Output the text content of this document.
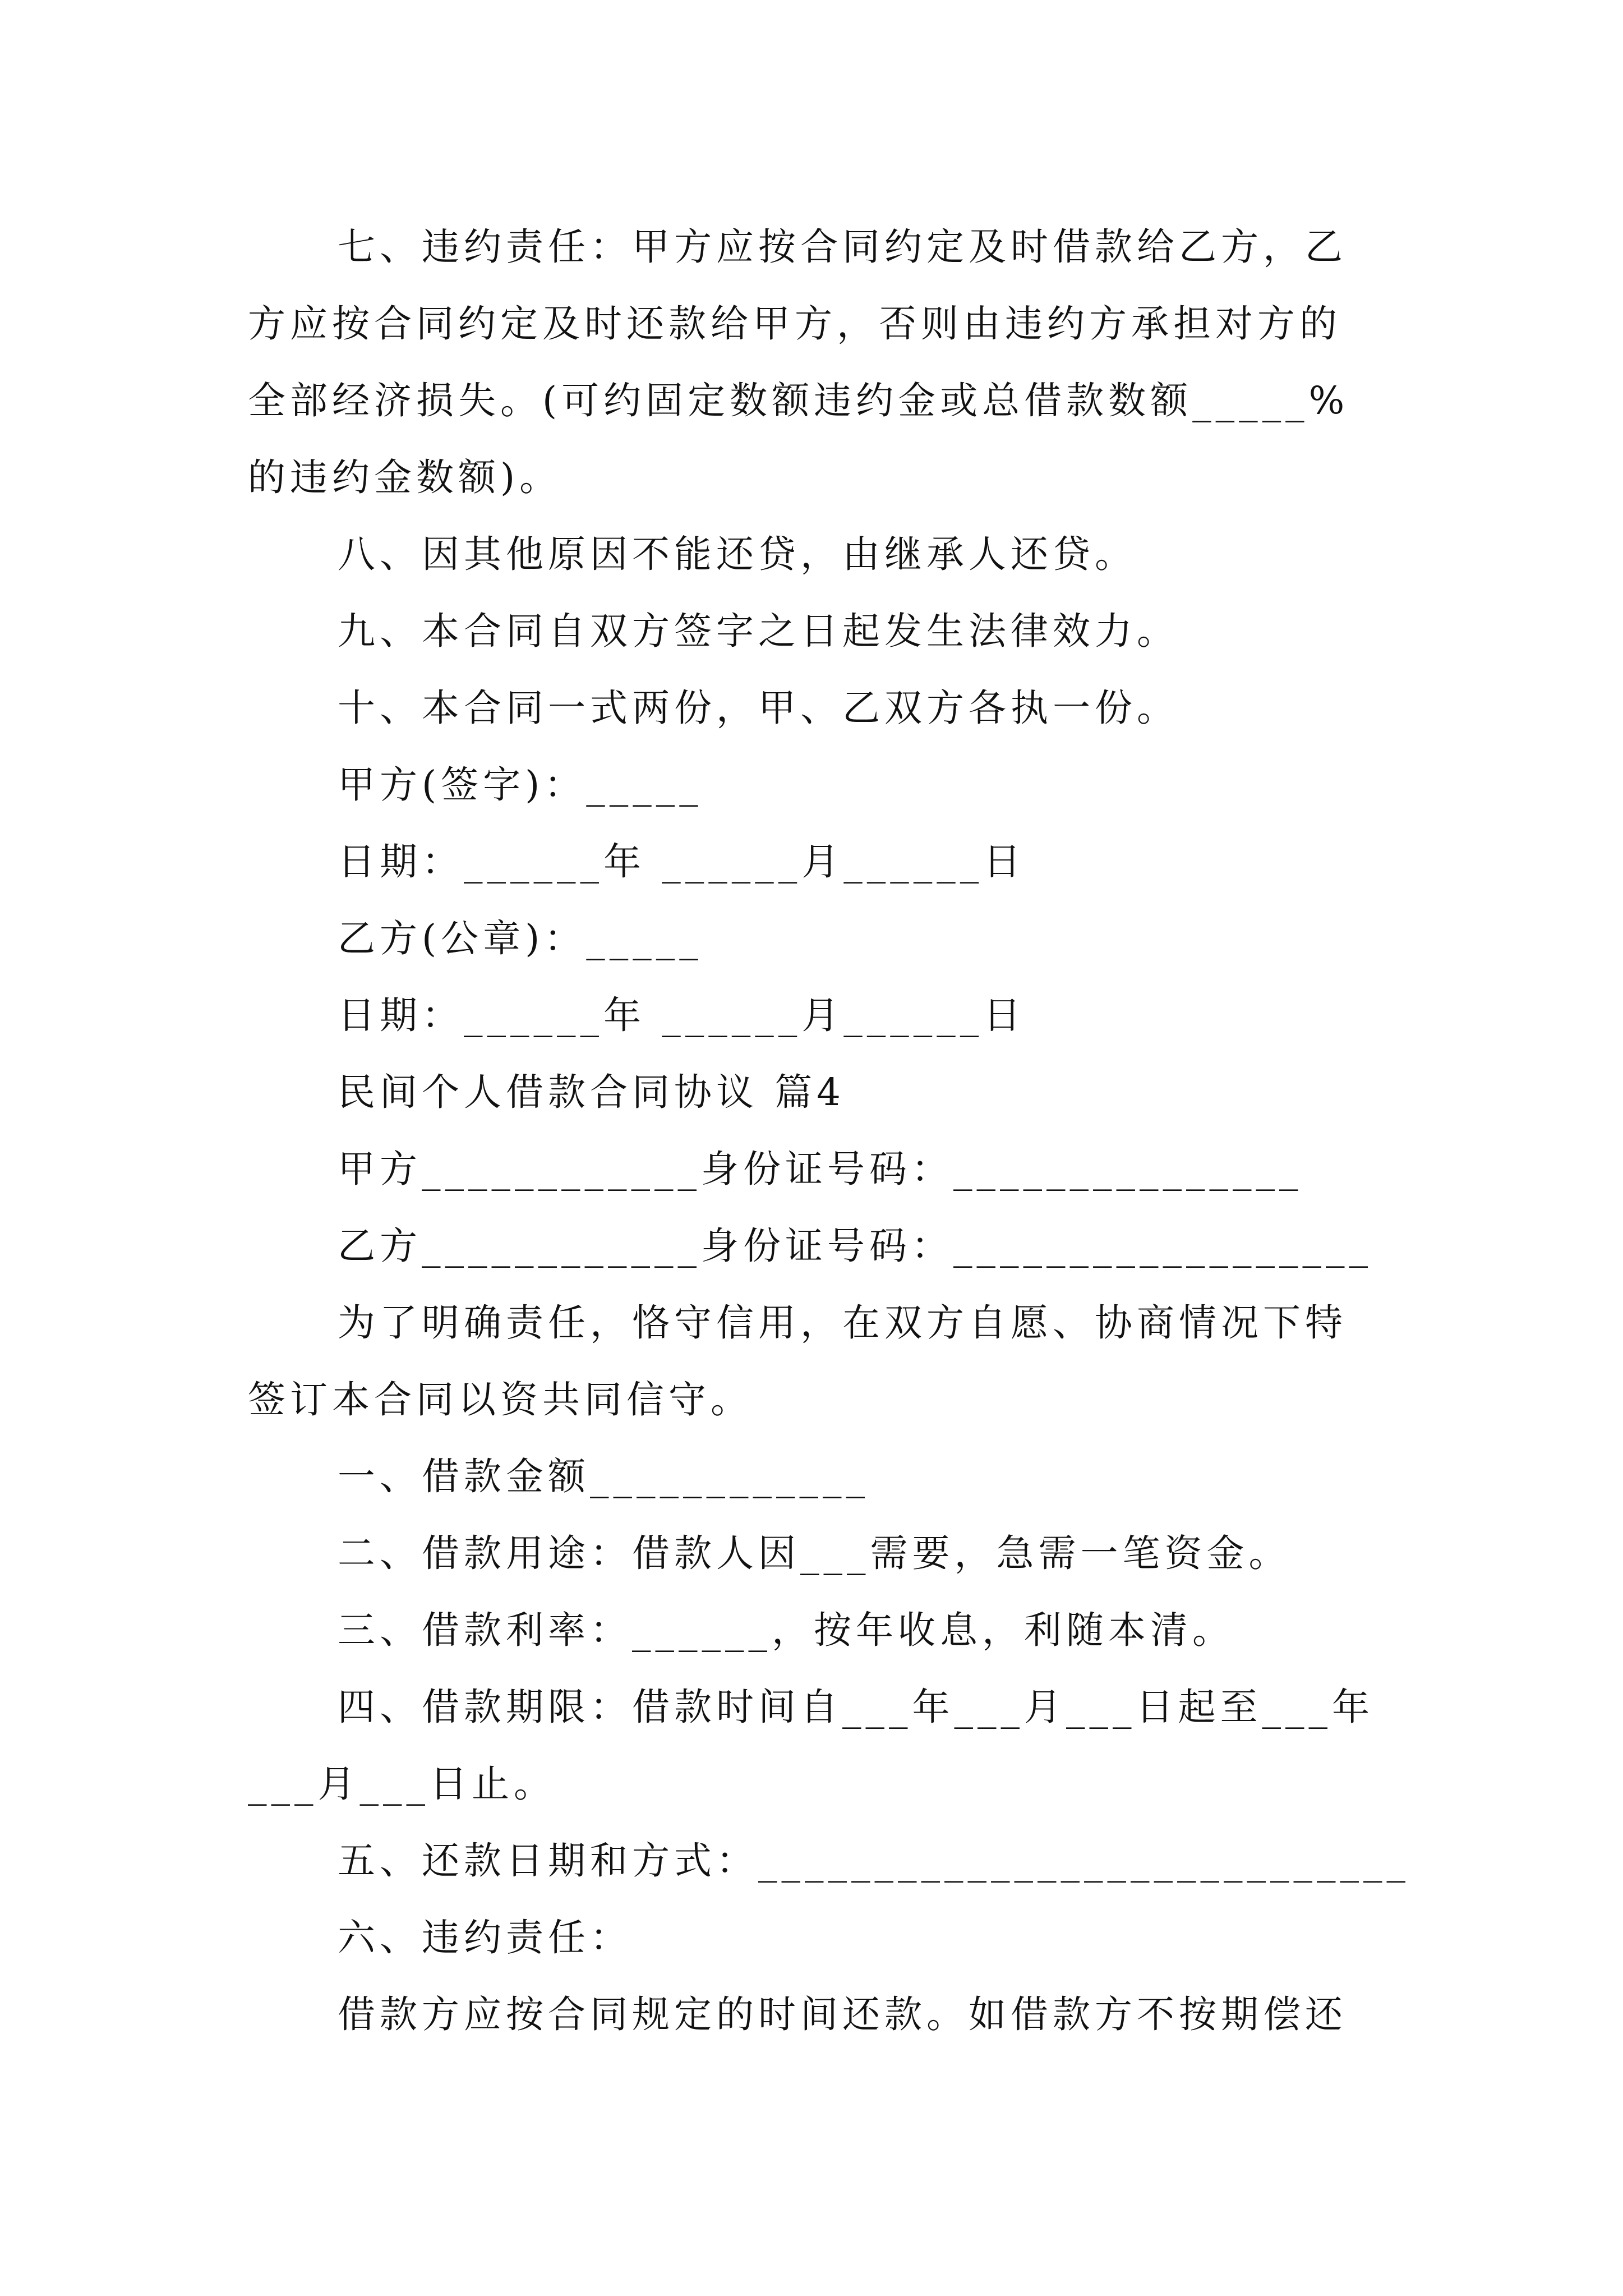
七、违约责任：甲方应按合同约定及时借款给乙方，乙

方应按合同约定及时还款给甲方，否则由违约方承担对方的

全部经济损失。(可约固定数额违约金或总借款数额_____%

的违约金数额)。

八、因其他原因不能还贷，由继承人还贷。

九、本合同自双方签字之日起发生法律效力。

十、本合同一式两份，甲、乙双方各执一份。

甲方(签字)：_____

日期：______年 ______月______日

乙方(公章)：_____

日期：______年 ______月______日

民间个人借款合同协议 篇4

甲方____________身份证号码：_______________

乙方____________身份证号码：__________________

为了明确责任，恪守信用，在双方自愿、协商情况下特

签订本合同以资共同信守。

一、借款金额____________

二、借款用途：借款人因___需要，急需一笔资金。

三、借款利率：______，按年收息，利随本清。

四、借款期限：借款时间自___年___月___日起至___年

___月___日止。

五、还款日期和方式：____________________________

六、违约责任：

借款方应按合同规定的时间还款。如借款方不按期偿还
